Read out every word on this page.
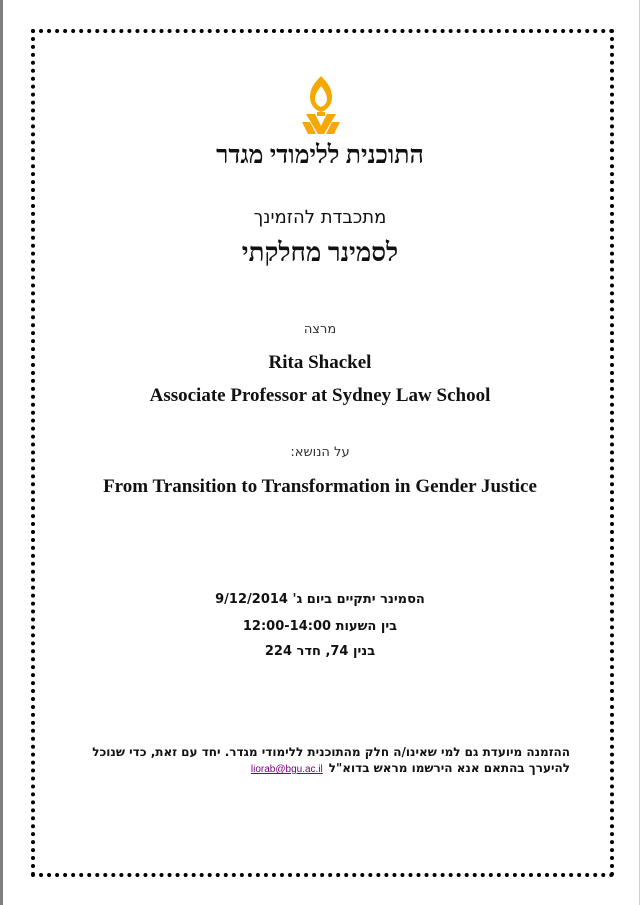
התוכנית ללימודי מגדר
מתכבדת להזמינך
לסמינר מחלקתי
מרצה
Rita Shackel
Associate Professor at Sydney Law School
על הנושא:
From Transition to Transformation in Gender Justice
הסמינר יתקיים ביום ג' 9/12/2014
בין השעות 12:00-14:00
בנין 74, חדר 224
ההזמנה מיועדת גם למי שאינו/ה חלק מהתוכנית ללימודי מגדר. יחד עם זאת, כדי שנוכל
להיערך בהתאם אנא הירשמו מראש בדוא"לliorab@bgu.ac.il
